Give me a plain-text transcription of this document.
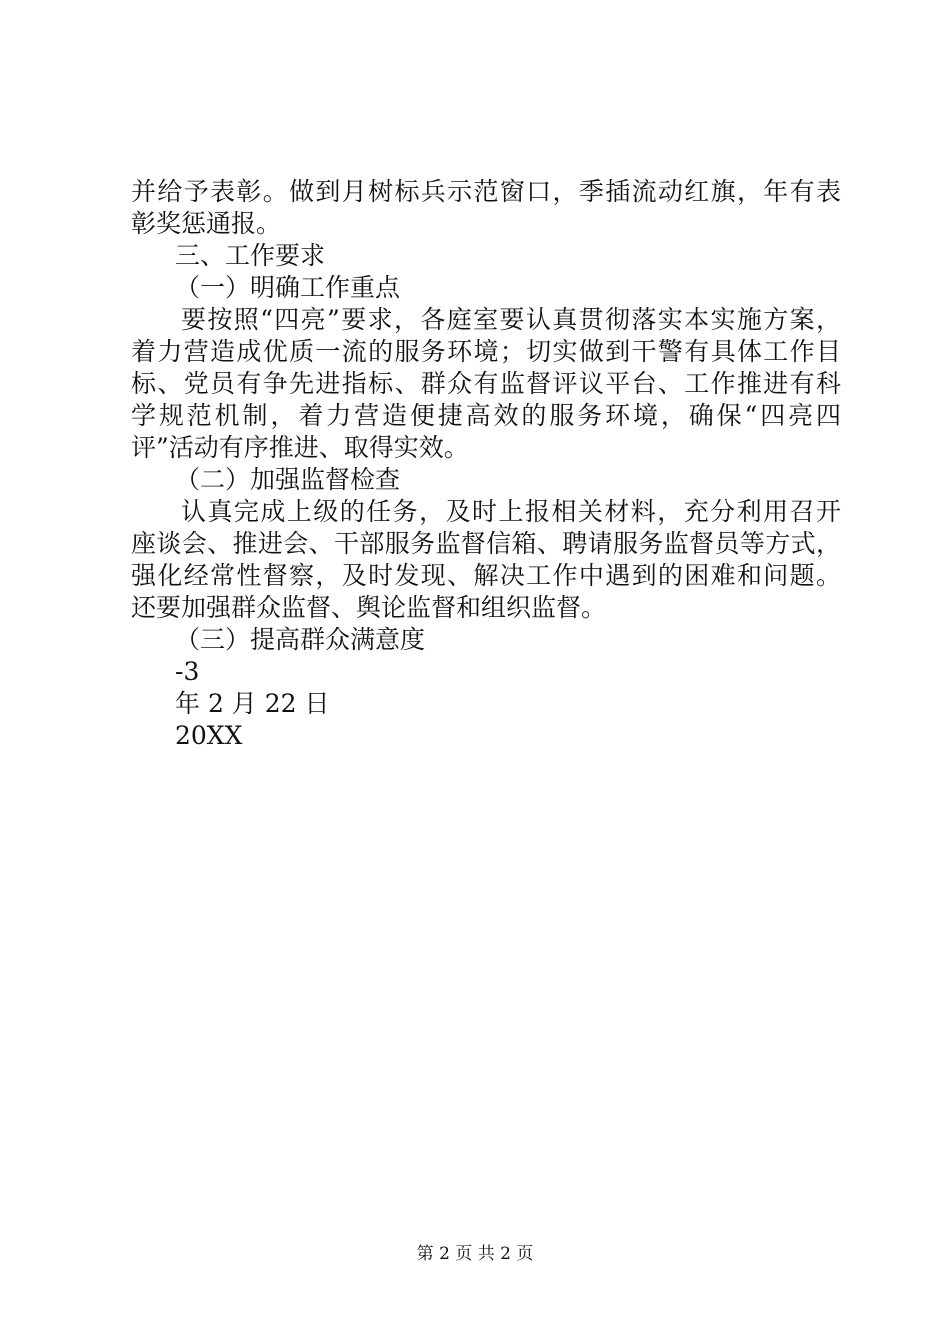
并给予表彰。做到月树标兵示范窗口，季插流动红旗，年有表
彰奖惩通报。
三、工作要求
（一）明确工作重点
要按照“四亮”要求，各庭室要认真贯彻落实本实施方案，
着力营造成优质一流的服务环境；切实做到干警有具体工作目
标、党员有争先进指标、群众有监督评议平台、工作推进有科
学规范机制，着力营造便捷高效的服务环境，确保“四亮四
评”活动有序推进、取得实效。
（二）加强监督检查
认真完成上级的任务，及时上报相关材料，充分利用召开
座谈会、推进会、干部服务监督信箱、聘请服务监督员等方式，
强化经常性督察，及时发现、解决工作中遇到的困难和问题。
还要加强群众监督、舆论监督和组织监督。
（三）提高群众满意度
-3
年 2 月 22 日
20XX
第 2 页 共 2 页
